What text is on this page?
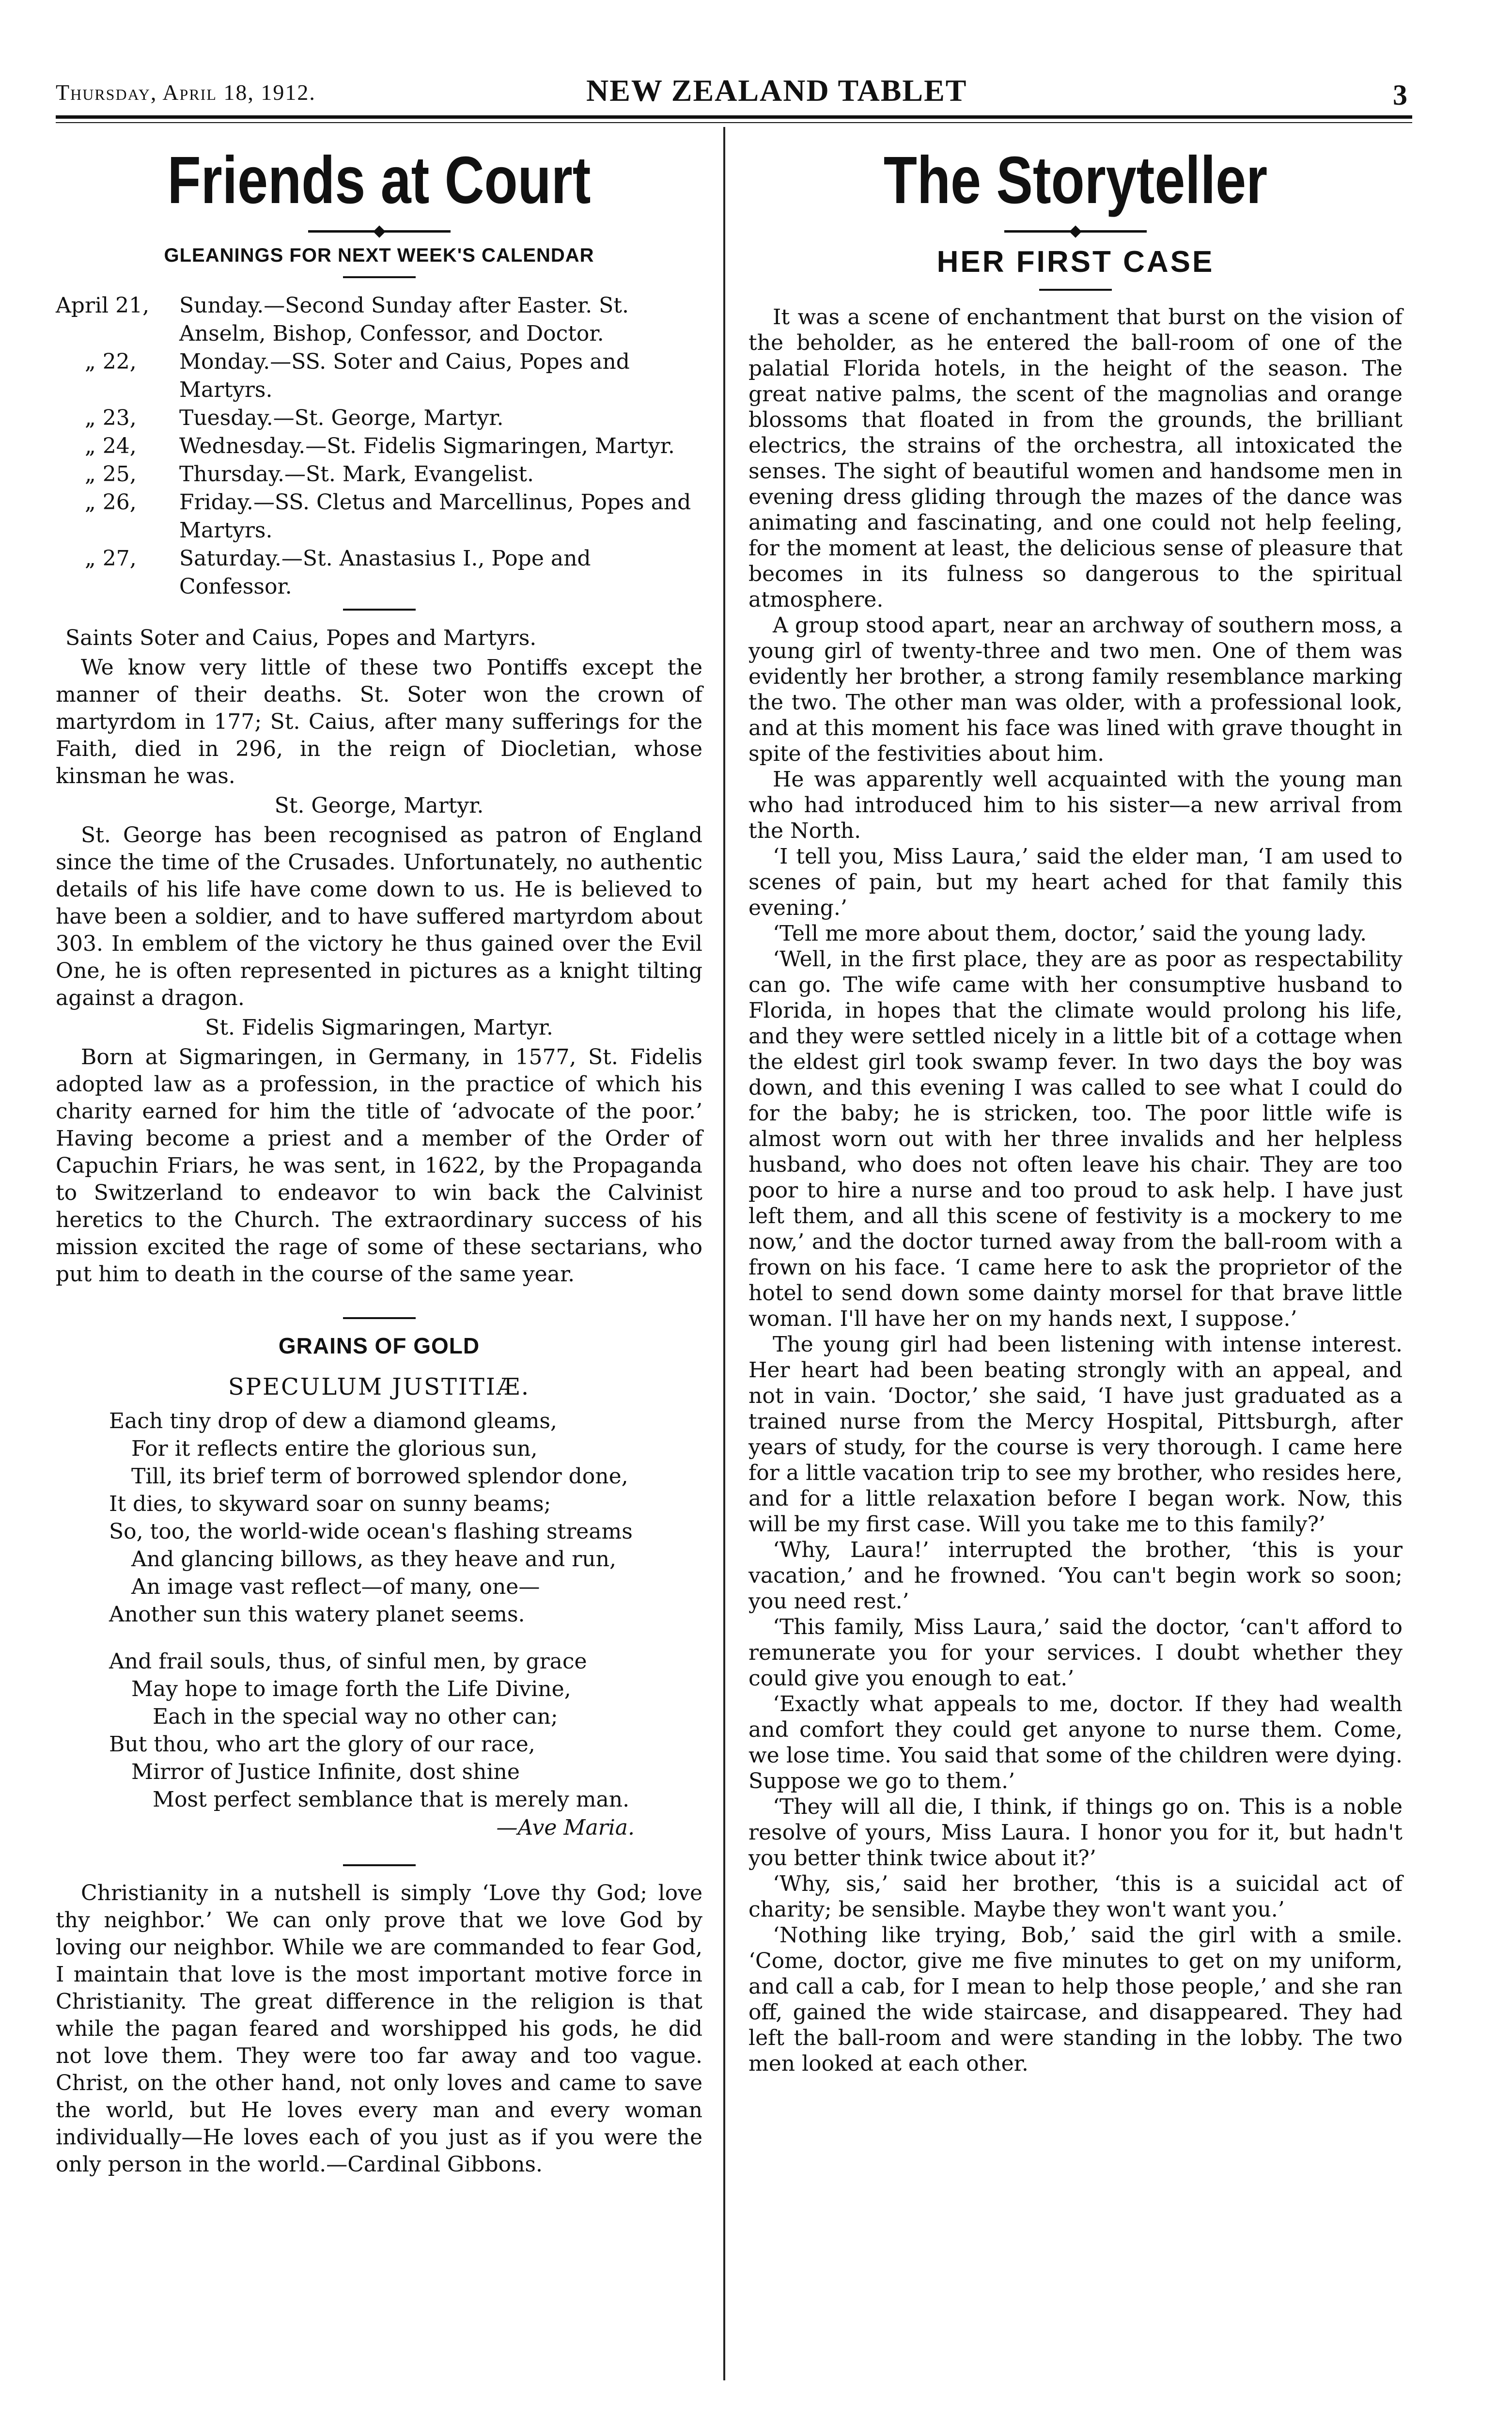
Thursday, April 18, 1912.	NEW ZEALAND TABLET	3
Friends at Court
GLEANINGS FOR NEXT WEEK'S CALENDAR
April 21,	Sunday.—Second Sunday after Easter. St. Anselm, Bishop, Confessor, and Doctor.
„ 22,	Monday.—SS. Soter and Caius, Popes and Martyrs.
„ 23,	Tuesday.—St. George, Martyr.
„ 24,	Wednesday.—St. Fidelis Sigmaringen, Martyr.
„ 25,	Thursday.—St. Mark, Evangelist.
„ 26,	Friday.—SS. Cletus and Marcellinus, Popes and Martyrs.
„ 27,	Saturday.—St. Anastasius I., Pope and Confessor.
Saints Soter and Caius, Popes and Martyrs.

We know very little of these two Pontiffs except the manner of their deaths. St. Soter won the crown of martyrdom in 177; St. Caius, after many sufferings for the Faith, died in 296, in the reign of Diocletian, whose kinsman he was.

St. George, Martyr.

St. George has been recognised as patron of England since the time of the Crusades. Unfortunately, no authentic details of his life have come down to us. He is believed to have been a soldier, and to have suffered martyrdom about 303. In emblem of the victory he thus gained over the Evil One, he is often represented in pictures as a knight tilting against a dragon.

St. Fidelis Sigmaringen, Martyr.

Born at Sigmaringen, in Germany, in 1577, St. Fidelis adopted law as a profession, in the practice of which his charity earned for him the title of ‘advocate of the poor.’ Having become a priest and a member of the Order of Capuchin Friars, he was sent, in 1622, by the Propaganda to Switzerland to endeavor to win back the Calvinist heretics to the Church. The extraordinary success of his mission excited the rage of some of these sectarians, who put him to death in the course of the same year.

GRAINS OF GOLD
SPECULUM JUSTITIÆ.
Each tiny drop of dew a diamond gleams,
For it reflects entire the glorious sun,
Till, its brief term of borrowed splendor done,
It dies, to skyward soar on sunny beams;
So, too, the world-wide ocean's flashing streams
And glancing billows, as they heave and run,
An image vast reflect—of many, one—
Another sun this watery planet seems.
And frail souls, thus, of sinful men, by grace
May hope to image forth the Life Divine,
Each in the special way no other can;
But thou, who art the glory of our race,
Mirror of Justice Infinite, dost shine
Most perfect semblance that is merely man.
—Ave Maria.

Christianity in a nutshell is simply ‘Love thy God; love thy neighbor.’ We can only prove that we love God by loving our neighbor. While we are commanded to fear God, I maintain that love is the most important motive force in Christianity. The great difference in the religion is that while the pagan feared and worshipped his gods, he did not love them. They were too far away and too vague. Christ, on the other hand, not only loves and came to save the world, but He loves every man and every woman individually—He loves each of you just as if you were the only person in the world.—Cardinal Gibbons.

The Storyteller
HER FIRST CASE

It was a scene of enchantment that burst on the vision of the beholder, as he entered the ball-room of one of the palatial Florida hotels, in the height of the season. The great native palms, the scent of the magnolias and orange blossoms that floated in from the grounds, the brilliant electrics, the strains of the orchestra, all intoxicated the senses. The sight of beautiful women and handsome men in evening dress gliding through the mazes of the dance was animating and fascinating, and one could not help feeling, for the moment at least, the delicious sense of pleasure that becomes in its fulness so dangerous to the spiritual atmosphere.

A group stood apart, near an archway of southern moss, a young girl of twenty-three and two men. One of them was evidently her brother, a strong family resemblance marking the two. The other man was older, with a professional look, and at this moment his face was lined with grave thought in spite of the festivities about him.

He was apparently well acquainted with the young man who had introduced him to his sister—a new arrival from the North.

‘I tell you, Miss Laura,’ said the elder man, ‘I am used to scenes of pain, but my heart ached for that family this evening.’

‘Tell me more about them, doctor,’ said the young lady.

‘Well, in the first place, they are as poor as respectability can go. The wife came with her consumptive husband to Florida, in hopes that the climate would prolong his life, and they were settled nicely in a little bit of a cottage when the eldest girl took swamp fever. In two days the boy was down, and this evening I was called to see what I could do for the baby; he is stricken, too. The poor little wife is almost worn out with her three invalids and her helpless husband, who does not often leave his chair. They are too poor to hire a nurse and too proud to ask help. I have just left them, and all this scene of festivity is a mockery to me now,’ and the doctor turned away from the ball-room with a frown on his face. ‘I came here to ask the proprietor of the hotel to send down some dainty morsel for that brave little woman. I'll have her on my hands next, I suppose.’

The young girl had been listening with intense interest. Her heart had been beating strongly with an appeal, and not in vain. ‘Doctor,’ she said, ‘I have just graduated as a trained nurse from the Mercy Hospital, Pittsburgh, after years of study, for the course is very thorough. I came here for a little vacation trip to see my brother, who resides here, and for a little relaxation before I began work. Now, this will be my first case. Will you take me to this family?’

‘Why, Laura!’ interrupted the brother, ‘this is your vacation,’ and he frowned. ‘You can't begin work so soon; you need rest.’

‘This family, Miss Laura,’ said the doctor, ‘can't afford to remunerate you for your services. I doubt whether they could give you enough to eat.’

‘Exactly what appeals to me, doctor. If they had wealth and comfort they could get anyone to nurse them. Come, we lose time. You said that some of the children were dying. Suppose we go to them.’

‘They will all die, I think, if things go on. This is a noble resolve of yours, Miss Laura. I honor you for it, but hadn't you better think twice about it?’

‘Why, sis,’ said her brother, ‘this is a suicidal act of charity; be sensible. Maybe they won't want you.’

‘Nothing like trying, Bob,’ said the girl with a smile. ‘Come, doctor, give me five minutes to get on my uniform, and call a cab, for I mean to help those people,’ and she ran off, gained the wide staircase, and disappeared. They had left the ball-room and were standing in the lobby. The two men looked at each other.
